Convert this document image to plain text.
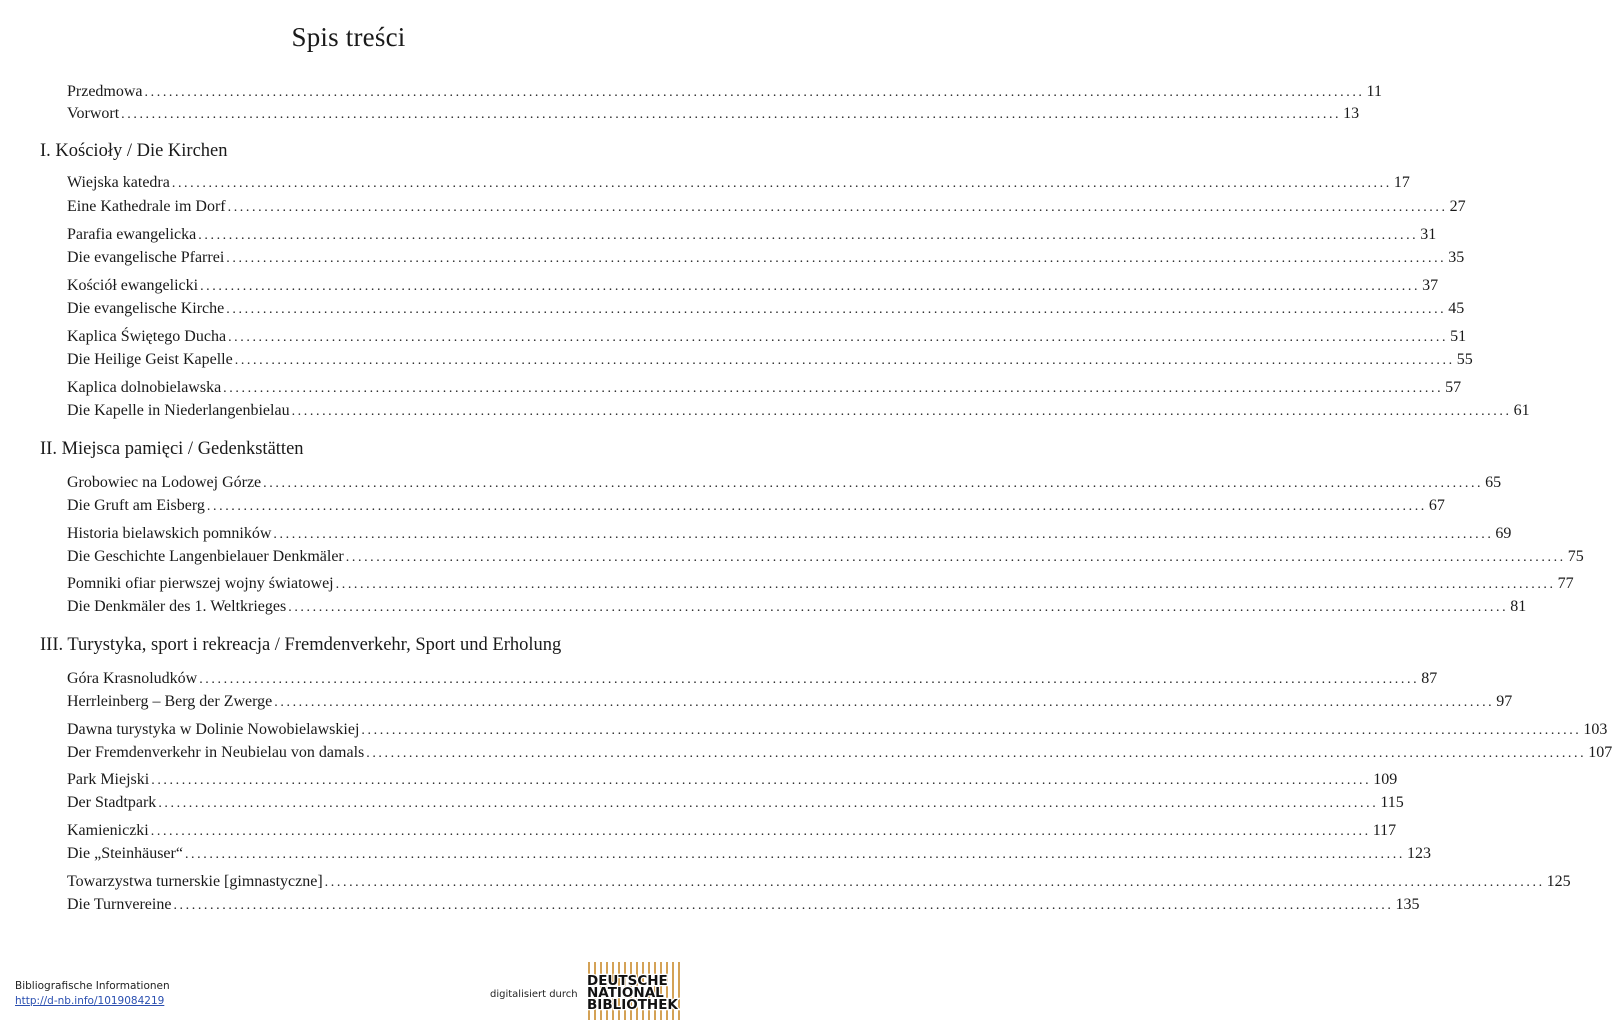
Spis treści
Przedmowa ........................................................................................................................................................................................................ 11
Vorwort ........................................................................................................................................................................................................ 13
I. Kościoły / Die Kirchen
Wiejska katedra ........................................................................................................................................................................................................ 17
Eine Kathedrale im Dorf ........................................................................................................................................................................................................ 27
Parafia ewangelicka ........................................................................................................................................................................................................ 31
Die evangelische Pfarrei ........................................................................................................................................................................................................ 35
Kościół ewangelicki ........................................................................................................................................................................................................ 37
Die evangelische Kirche ........................................................................................................................................................................................................ 45
Kaplica Świętego Ducha ........................................................................................................................................................................................................ 51
Die Heilige Geist Kapelle ........................................................................................................................................................................................................ 55
Kaplica dolnobielawska ........................................................................................................................................................................................................ 57
Die Kapelle in Niederlangenbielau ........................................................................................................................................................................................................ 61
II. Miejsca pamięci / Gedenkstätten
Grobowiec na Lodowej Górze ........................................................................................................................................................................................................ 65
Die Gruft am Eisberg ........................................................................................................................................................................................................ 67
Historia bielawskich pomników ........................................................................................................................................................................................................ 69
Die Geschichte Langenbielauer Denkmäler ........................................................................................................................................................................................................ 75
Pomniki ofiar pierwszej wojny światowej ........................................................................................................................................................................................................ 77
Die Denkmäler des 1. Weltkrieges ........................................................................................................................................................................................................ 81
III. Turystyka, sport i rekreacja / Fremdenverkehr, Sport und Erholung
Góra Krasnoludków ........................................................................................................................................................................................................ 87
Herrleinberg – Berg der Zwerge ........................................................................................................................................................................................................ 97
Dawna turystyka w Dolinie Nowobielawskiej ........................................................................................................................................................................................................ 103
Der Fremdenverkehr in Neubielau von damals ........................................................................................................................................................................................................ 107
Park Miejski ........................................................................................................................................................................................................ 109
Der Stadtpark ........................................................................................................................................................................................................ 115
Kamieniczki ........................................................................................................................................................................................................ 117
Die „Steinhäuser“ ........................................................................................................................................................................................................ 123
Towarzystwa turnerskie [gimnastyczne] ........................................................................................................................................................................................................ 125
Die Turnvereine ........................................................................................................................................................................................................ 135
Bibliografische Informationen
http://d-nb.info/1019084219
digitalisiert durch
DEUTSCHE
NATIONAL
BIBLIOTHEK
